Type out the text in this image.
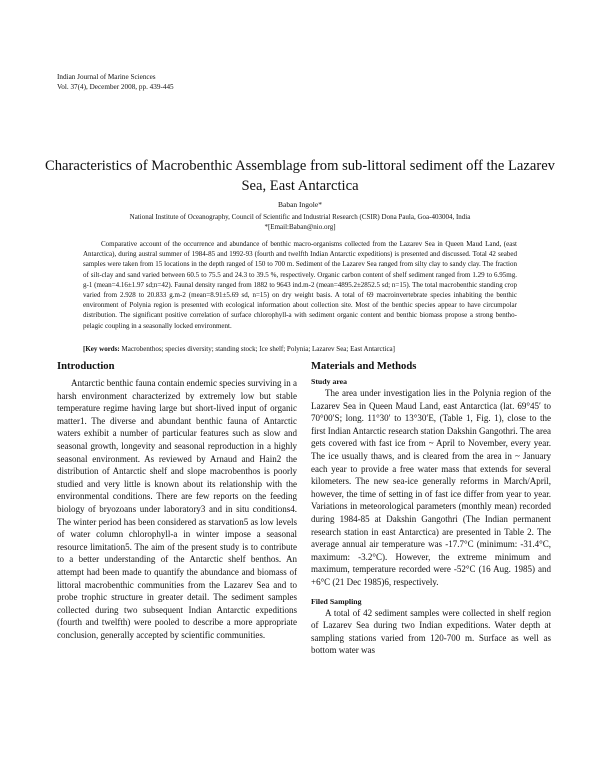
Indian Journal of Marine Sciences
Vol. 37(4), December 2008, pp. 439-445
Characteristics of Macrobenthic Assemblage from sub-littoral sediment off the Lazarev Sea, East Antarctica
Baban Ingole*
National Institute of Oceanography, Council of Scientific and Industrial Research (CSIR) Dona Paula, Goa-403004, India
*[Email:Baban@nio.org]

Comparative account of the occurrence and abundance of benthic macro-organisms collected from the Lazarev Sea in Queen Maud Land, (east Antarctica), during austral summer of 1984-85 and 1992-93 (fourth and twelfth Indian Antarctic expeditions) is presented and discussed. Total 42 seabed samples were taken from 15 locations in the depth ranged of 150 to 700 m. Sediment of the Lazarev Sea ranged from silty clay to sandy clay. The fraction of silt-clay and sand varied between 60.5 to 75.5 and 24.3 to 39.5 %, respectively. Organic carbon content of shelf sediment ranged from 1.29 to 6.95mg. g-1 (mean=4.16±1.97 sd;n=42). Faunal density ranged from 1882 to 9643 ind.m-2 (mean=4895.2±2852.5 sd; n=15). The total macrobenthic standing crop varied from 2.928 to 20.833 g.m-2 (mean=8.91±5.69 sd, n=15) on dry weight basis. A total of 69 macroinvertebrate species inhabiting the benthic environment of Polynia region is presented with ecological information about collection site. Most of the benthic species appear to have circumpolar distribution. The significant positive correlation of surface chlorophyll-a with sediment organic content and benthic biomass propose a strong bentho-pelagic coupling in a seasonally locked environment.

[Key words: Macrobenthos; species diversity; standing stock; Ice shelf; Polynia; Lazarev Sea; East Antarctica]
Introduction

Antarctic benthic fauna contain endemic species surviving in a harsh environment characterized by extremely low but stable temperature regime having large but short-lived input of organic matter1. The diverse and abundant benthic fauna of Antarctic waters exhibit a number of particular features such as slow and seasonal growth, longevity and seasonal reproduction in a highly seasonal environment. As reviewed by Arnaud and Hain2 the distribution of Antarctic shelf and slope macrobenthos is poorly studied and very little is known about its relationship with the environmental conditions. There are few reports on the feeding biology of bryozoans under laboratory3 and in situ conditions4. The winter period has been considered as starvation5 as low levels of water column chlorophyll-a in winter impose a seasonal resource limitation5. The aim of the present study is to contribute to a better understanding of the Antarctic shelf benthos. An attempt had been made to quantify the abundance and biomass of littoral macrobenthic communities from the Lazarev Sea and to probe trophic structure in greater detail. The sediment samples collected during two subsequent Indian Antarctic expeditions (fourth and twelfth) were pooled to describe a more appropriate conclusion, generally accepted by scientific communities.

Materials and Methods
Study area

The area under investigation lies in the Polynia region of the Lazarev Sea in Queen Maud Land, east Antarctica (lat. 69°45′ to 70°00′S; long. 11°30′ to 13°30′E, (Table 1, Fig. 1), close to the first Indian Antarctic research station Dakshin Gangothri. The area gets covered with fast ice from ~ April to November, every year. The ice usually thaws, and is cleared from the area in ~ January each year to provide a free water mass that extends for several kilometers. The new sea-ice generally reforms in March/April, however, the time of setting in of fast ice differ from year to year. Variations in meteorological parameters (monthly mean) recorded during 1984-85 at Dakshin Gangothri (The Indian permanent research station in east Antarctica) are presented in Table 2. The average annual air temperature was -17.7°C (minimum: -31.4°C, maximum: -3.2°C). However, the extreme minimum and maximum, temperature recorded were -52°C (16 Aug. 1985) and +6°C (21 Dec 1985)6, respectively.

Filed Sampling

A total of 42 sediment samples were collected in shelf region of Lazarev Sea during two Indian expeditions. Water depth at sampling stations varied from 120-700 m. Surface as well as bottom water was
